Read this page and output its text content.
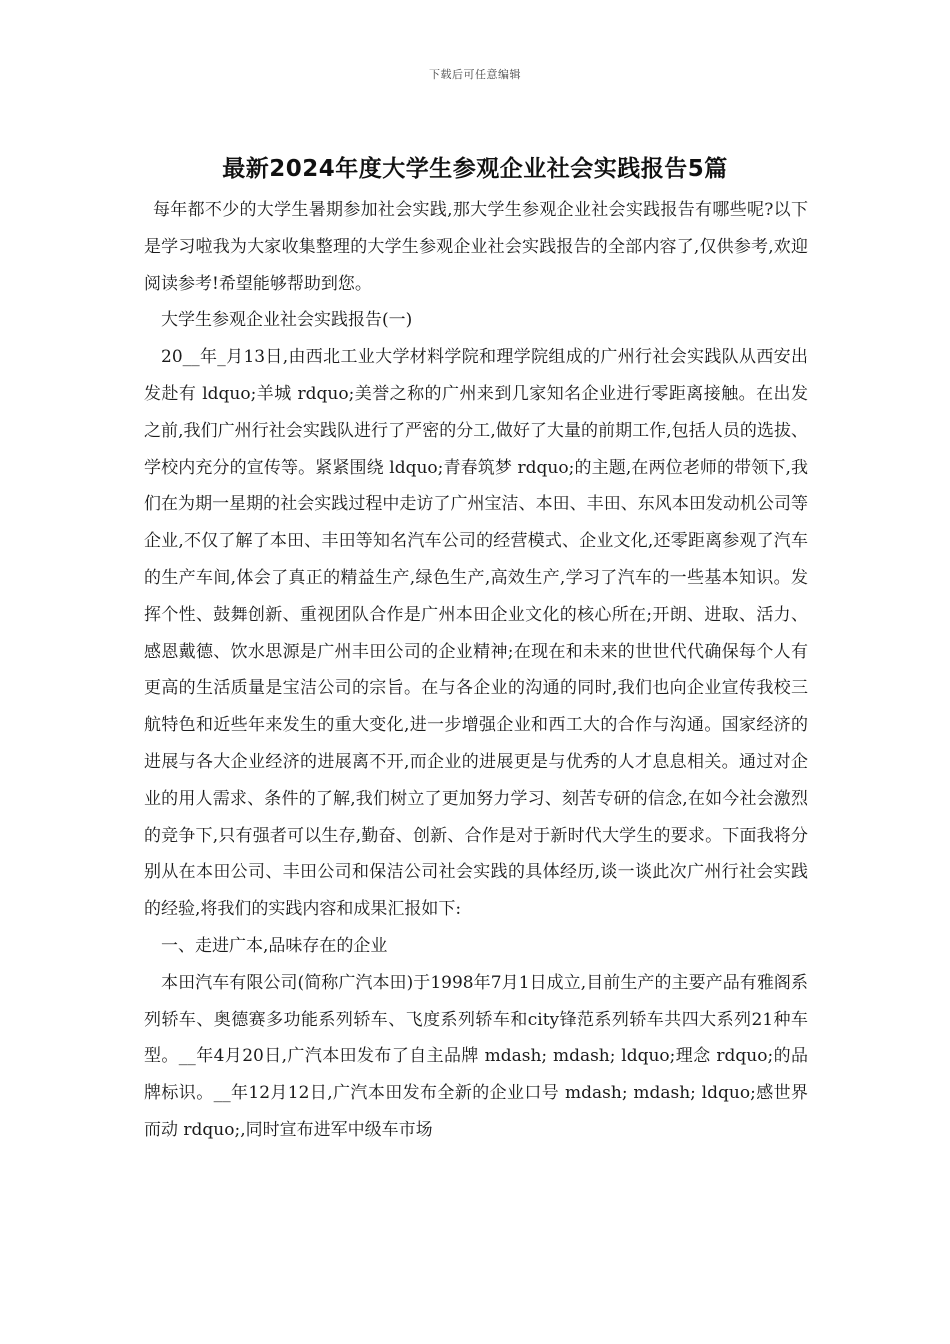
下载后可任意编辑
最新2024年度大学生参观企业社会实践报告5篇

每年都不少的大学生暑期参加社会实践,那大学生参观企业社会实践报告有哪些呢?以下是学习啦我为大家收集整理的大学生参观企业社会实践报告的全部内容了,仅供参考,欢迎阅读参考!希望能够帮助到您。

大学生参观企业社会实践报告(一)

20__年_月13日,由西北工业大学材料学院和理学院组成的广州行社会实践队从西安出发赴有 ldquo;羊城 rdquo;美誉之称的广州来到几家知名企业进行零距离接触。在出发之前,我们广州行社会实践队进行了严密的分工,做好了大量的前期工作,包括人员的选拔、学校内充分的宣传等。紧紧围绕 ldquo;青春筑梦 rdquo;的主题,在两位老师的带领下,我们在为期一星期的社会实践过程中走访了广州宝洁、本田、丰田、东风本田发动机公司等企业,不仅了解了本田、丰田等知名汽车公司的经营模式、企业文化,还零距离参观了汽车的生产车间,体会了真正的精益生产,绿色生产,高效生产,学习了汽车的一些基本知识。发挥个性、鼓舞创新、重视团队合作是广州本田企业文化的核心所在;开朗、进取、活力、感恩戴德、饮水思源是广州丰田公司的企业精神;在现在和未来的世世代代确保每个人有更高的生活质量是宝洁公司的宗旨。在与各企业的沟通的同时,我们也向企业宣传我校三航特色和近些年来发生的重大变化,进一步增强企业和西工大的合作与沟通。国家经济的进展与各大企业经济的进展离不开,而企业的进展更是与优秀的人才息息相关。通过对企业的用人需求、条件的了解,我们树立了更加努力学习、刻苦专研的信念,在如今社会激烈的竞争下,只有强者可以生存,勤奋、创新、合作是对于新时代大学生的要求。下面我将分别从在本田公司、丰田公司和保洁公司社会实践的具体经历,谈一谈此次广州行社会实践的经验,将我们的实践内容和成果汇报如下:

一、走进广本,品味存在的企业

本田汽车有限公司(简称广汽本田)于1998年7月1日成立,目前生产的主要产品有雅阁系列轿车、奥德赛多功能系列轿车、飞度系列轿车和city锋范系列轿车共四大系列21种车型。__年4月20日,广汽本田发布了自主品牌 mdash; mdash; ldquo;理念 rdquo;的品牌标识。__年12月12日,广汽本田发布全新的企业口号 mdash; mdash; ldquo;感世界而动 rdquo;,同时宣布进军中级车市场
